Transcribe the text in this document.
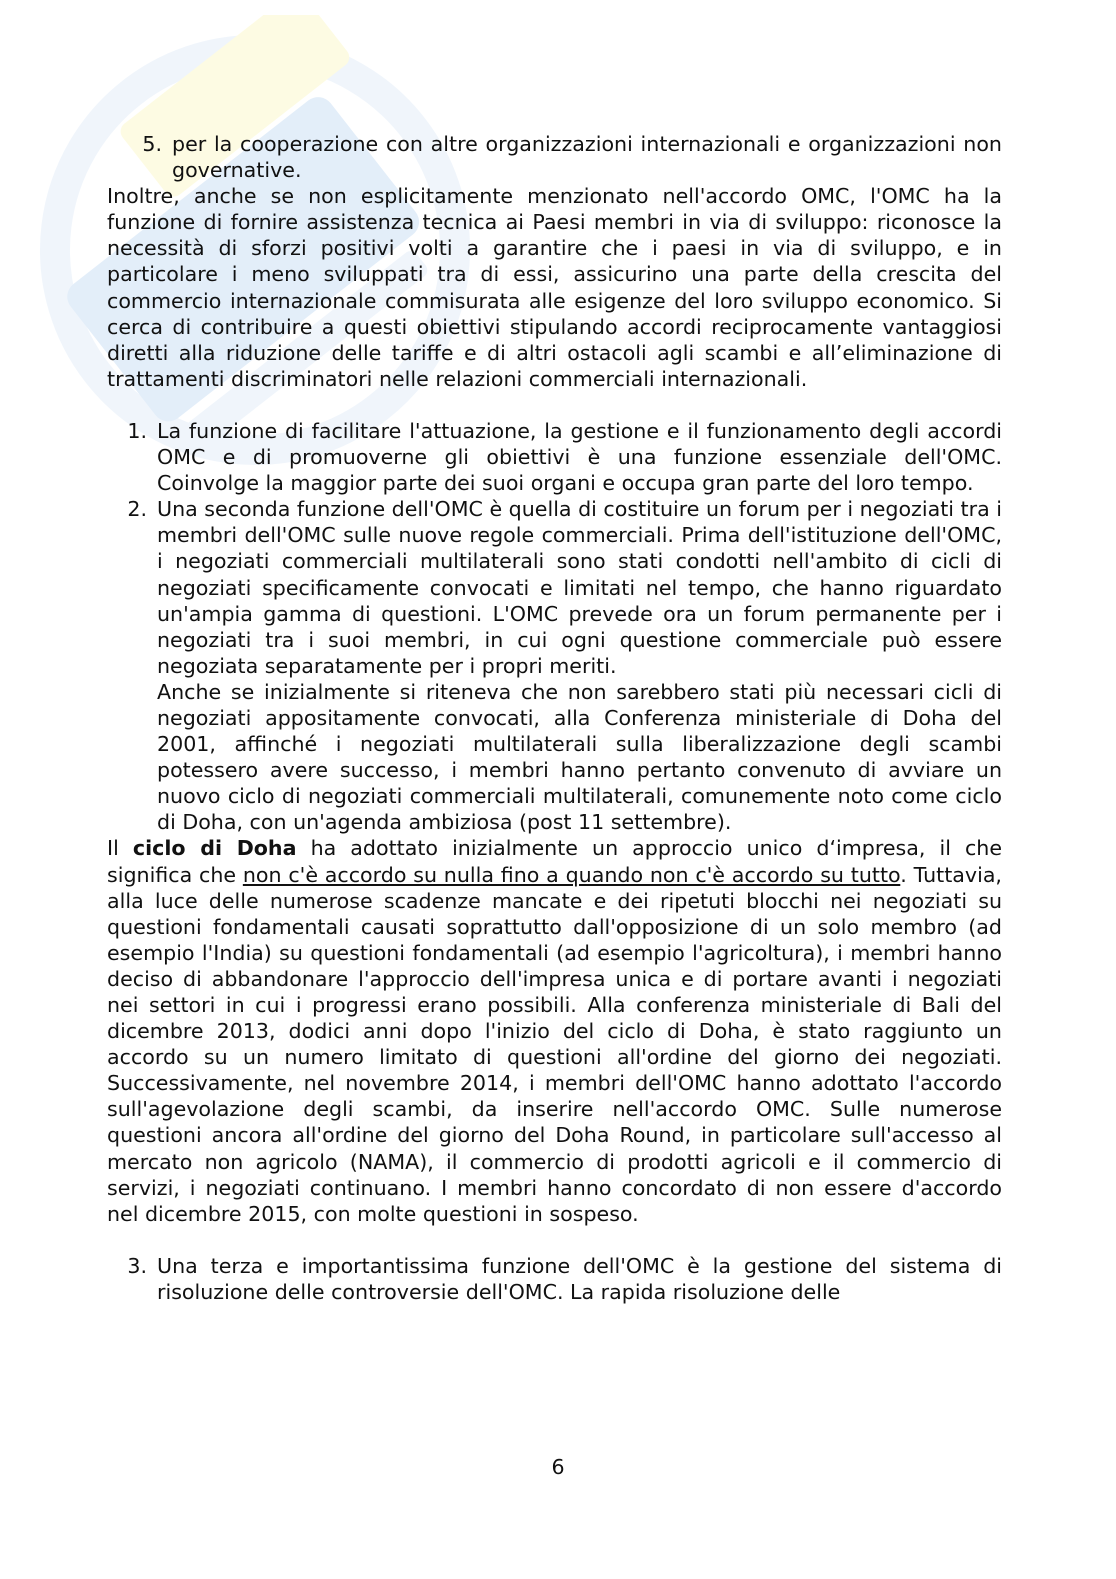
5. per la cooperazione con altre organizzazioni internazionali e organizzazioni non governative.

Inoltre, anche se non esplicitamente menzionato nell'accordo OMC, l'OMC ha la funzione di fornire assistenza tecnica ai Paesi membri in via di sviluppo: riconosce la necessità di sforzi positivi volti a garantire che i paesi in via di sviluppo, e in particolare i meno sviluppati tra di essi, assicurino una parte della crescita del commercio internazionale commisurata alle esigenze del loro sviluppo economico. Si cerca di contribuire a questi obiettivi stipulando accordi reciprocamente vantaggiosi diretti alla riduzione delle tariffe e di altri ostacoli agli scambi e all’eliminazione di trattamenti discriminatori nelle relazioni commerciali internazionali.

1. La funzione di facilitare l'attuazione, la gestione e il funzionamento degli accordi OMC e di promuoverne gli obiettivi è una funzione essenziale dell'OMC. Coinvolge la maggior parte dei suoi organi e occupa gran parte del loro tempo.
2. Una seconda funzione dell'OMC è quella di costituire un forum per i negoziati tra i membri dell'OMC sulle nuove regole commerciali. Prima dell'istituzione dell'OMC, i negoziati commerciali multilaterali sono stati condotti nell'ambito di cicli di negoziati specificamente convocati e limitati nel tempo, che hanno riguardato un'ampia gamma di questioni. L'OMC prevede ora un forum permanente per i negoziati tra i suoi membri, in cui ogni questione commerciale può essere negoziata separatamente per i propri meriti.

Anche se inizialmente si riteneva che non sarebbero stati più necessari cicli di negoziati appositamente convocati, alla Conferenza ministeriale di Doha del 2001, affinché i negoziati multilaterali sulla liberalizzazione degli scambi potessero avere successo, i membri hanno pertanto convenuto di avviare un nuovo ciclo di negoziati commerciali multilaterali, comunemente noto come ciclo di Doha, con un'agenda ambiziosa (post 11 settembre).

Il ciclo di Doha ha adottato inizialmente un approccio unico d‘impresa, il che significa che non c'è accordo su nulla fino a quando non c'è accordo su tutto. Tuttavia, alla luce delle numerose scadenze mancate e dei ripetuti blocchi nei negoziati su questioni fondamentali causati soprattutto dall'opposizione di un solo membro (ad esempio l'India) su questioni fondamentali (ad esempio l'agricoltura), i membri hanno deciso di abbandonare l'approccio dell'impresa unica e di portare avanti i negoziati nei settori in cui i progressi erano possibili. Alla conferenza ministeriale di Bali del dicembre 2013, dodici anni dopo l'inizio del ciclo di Doha, è stato raggiunto un accordo su un numero limitato di questioni all'ordine del giorno dei negoziati. Successivamente, nel novembre 2014, i membri dell'OMC hanno adottato l'accordo sull'agevolazione degli scambi, da inserire nell'accordo OMC. Sulle numerose questioni ancora all'ordine del giorno del Doha Round, in particolare sull'accesso al mercato non agricolo (NAMA), il commercio di prodotti agricoli e il commercio di servizi, i negoziati continuano. I membri hanno concordato di non essere d'accordo nel dicembre 2015, con molte questioni in sospeso.

3. Una terza e importantissima funzione dell'OMC è la gestione del sistema di risoluzione delle controversie dell'OMC. La rapida risoluzione delle
6
